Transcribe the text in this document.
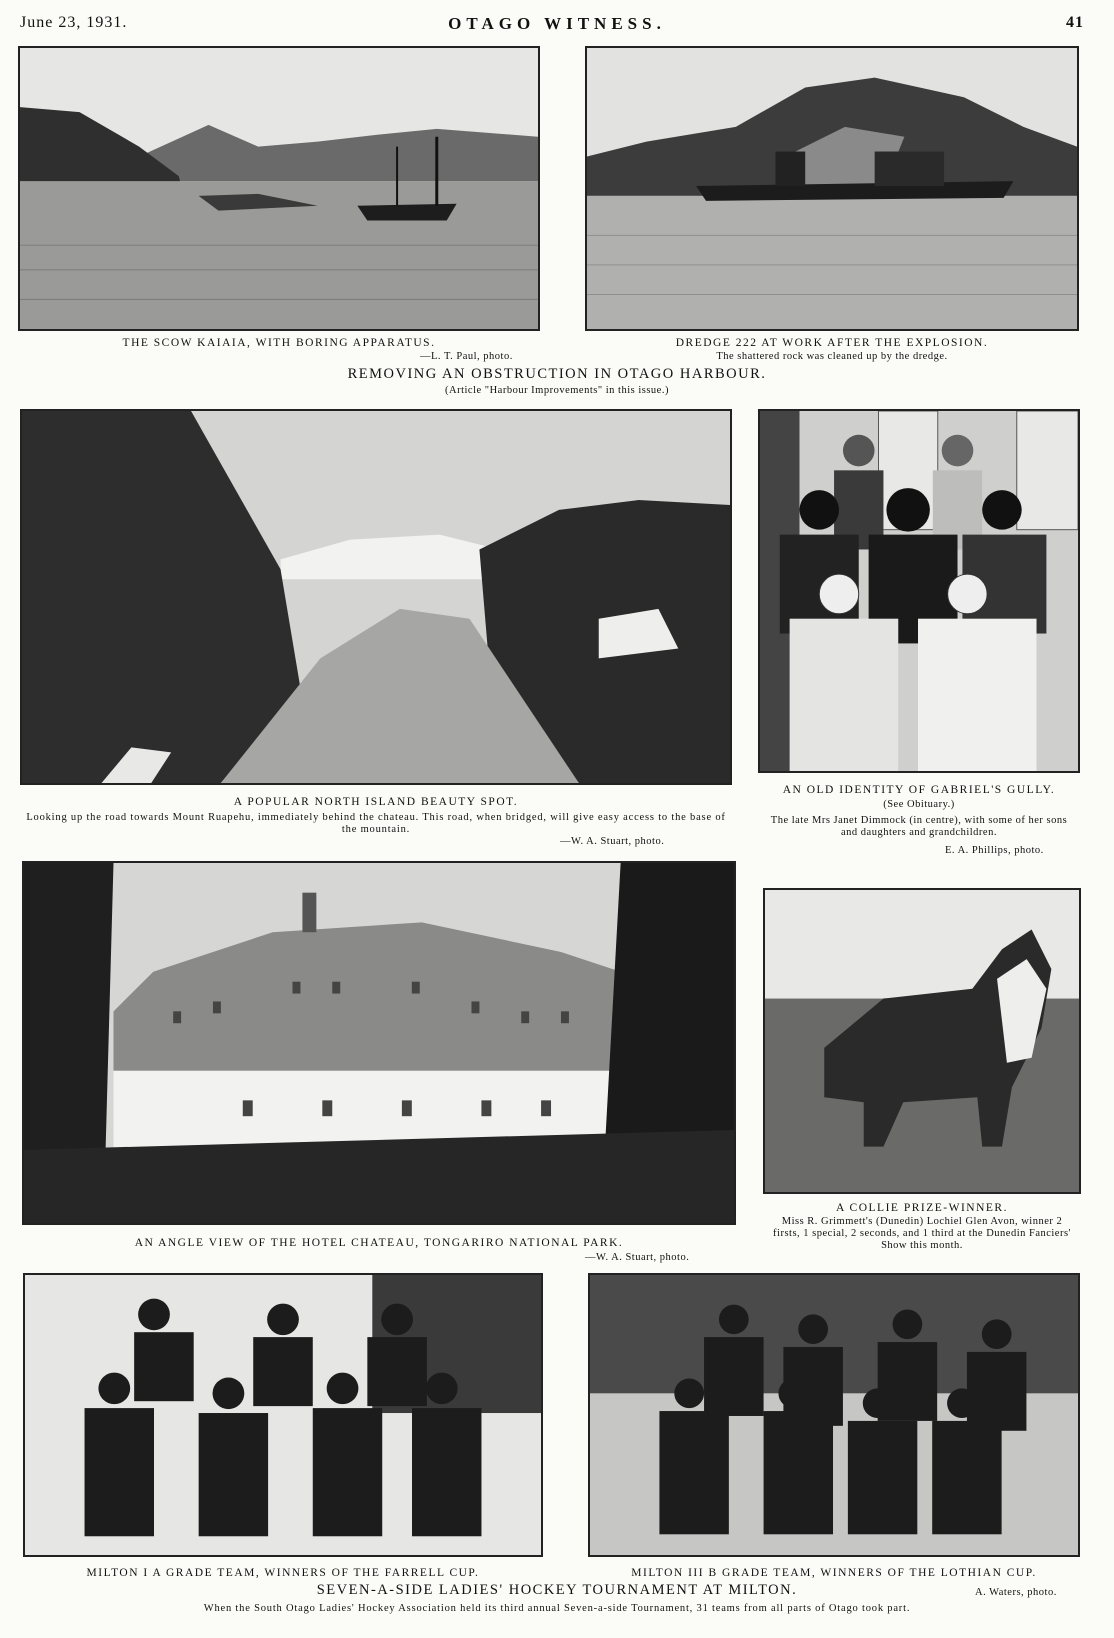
June 23, 1931.	OTAGO WITNESS.	41
THE SCOW KAIAIA, WITH BORING APPARATUS.
—L. T. Paul, photo.
DREDGE 222 AT WORK AFTER THE EXPLOSION.
The shattered rock was cleaned up by the dredge.
REMOVING AN OBSTRUCTION IN OTAGO HARBOUR.
(Article "Harbour Improvements" in this issue.)
A POPULAR NORTH ISLAND BEAUTY SPOT.
Looking up the road towards Mount Ruapehu, immediately behind the chateau. This road, when bridged, will give easy access to the base of the mountain.
—W. A. Stuart, photo.
AN OLD IDENTITY OF GABRIEL'S GULLY.
(See Obituary.)
The late Mrs Janet Dimmock (in centre), with some of her sons and daughters and grandchildren.
E. A. Phillips, photo.
AN ANGLE VIEW OF THE HOTEL CHATEAU, TONGARIRO NATIONAL PARK.
—W. A. Stuart, photo.
A COLLIE PRIZE-WINNER.
Miss R. Grimmett's (Dunedin) Lochiel Glen Avon, winner 2 firsts, 1 special, 2 seconds, and 1 third at the Dunedin Fanciers' Show this month.
MILTON I A GRADE TEAM, WINNERS OF THE FARRELL CUP.	MILTON III B GRADE TEAM, WINNERS OF THE LOTHIAN CUP.
SEVEN-A-SIDE LADIES' HOCKEY TOURNAMENT AT MILTON.	A. Waters, photo.
When the South Otago Ladies' Hockey Association held its third annual Seven-a-side Tournament, 31 teams from all parts of Otago took part.
